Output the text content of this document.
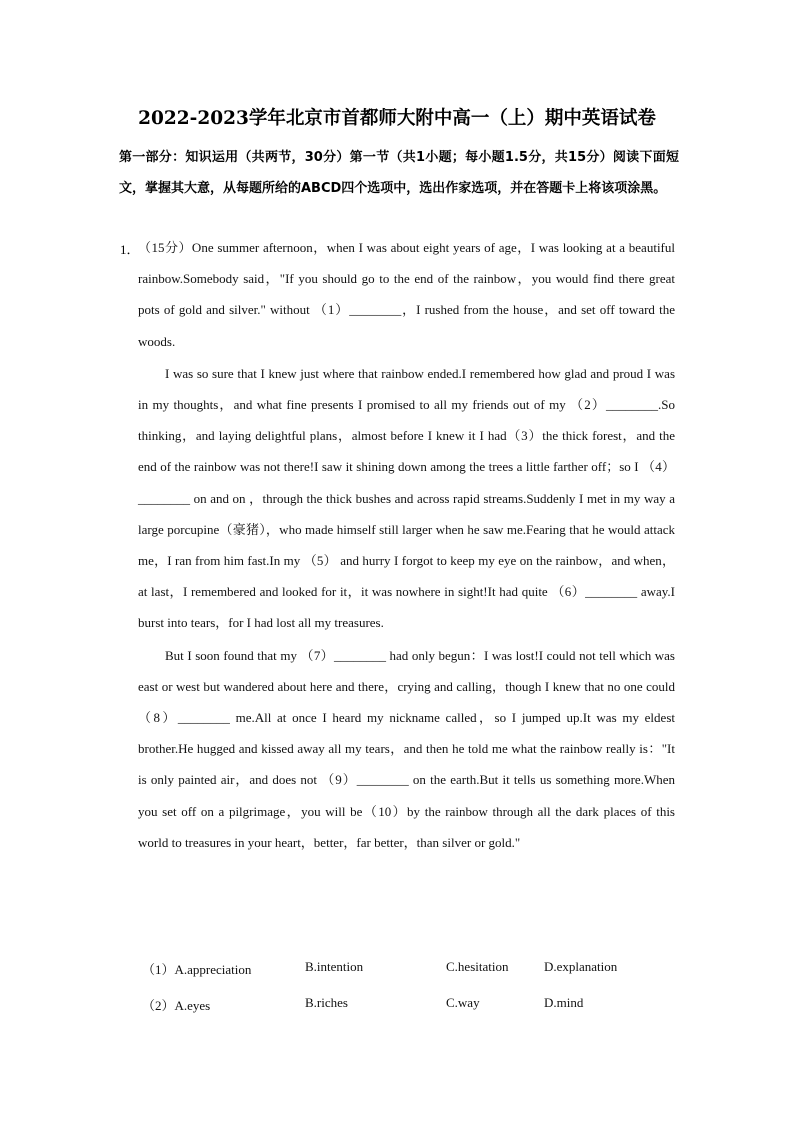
2022-2023学年北京市首都师大附中高一（上）期中英语试卷
第一部分：知识运用（共两节，30分）第一节（共1小题；每小题1.5分，共15分）阅读下面短文，掌握其大意，从每题所给的ABCD四个选项中，选出作家选项，并在答题卡上将该项涂黑。
1．

（15分）One summer afternoon，when I was about eight years of age，I was looking at a beautiful rainbow.Somebody said，"If you should go to the end of the rainbow，you would find there great pots of gold and silver." without （1）________，I rushed from the house，and set off toward the woods.

I was so sure that I knew just where that rainbow ended.I remembered how glad and proud I was in my thoughts，and what fine presents I promised to all my friends out of my （2）________.So thinking，and laying delightful plans，almost before I knew it I had（3）the thick forest，and the end of the rainbow was not there!I saw it shining down among the trees a little farther off；so I （4）________ on and on ，through the thick bushes and across rapid streams.Suddenly I met in my way a large porcupine（豪猪），who made himself still larger when he saw me.Fearing that he would attack me，I ran from him fast.In my （5） and hurry I forgot to keep my eye on the rainbow，and when，at last，I remembered and looked for it，it was nowhere in sight!It had quite （6）________ away.I burst into tears，for I had lost all my treasures.

But I soon found that my （7）________ had only begun：I was lost!I could not tell which was east or west but wandered about here and there，crying and calling，though I knew that no one could （8）________ me.All at once I heard my nickname called，so I jumped up.It was my eldest brother.He hugged and kissed away all my tears，and then he told me what the rainbow really is："It is only painted air，and does not （9）________ on the earth.But it tells us something more.When you set off on a pilgrimage，you will be（10）by the rainbow through all the dark places of this world to treasures in your heart，better，far better，than silver or gold."

（1）A.appreciation	B.intention	C.hesitation	D.explanation
（2）A.eyes	B.riches	C.way	D.mind
